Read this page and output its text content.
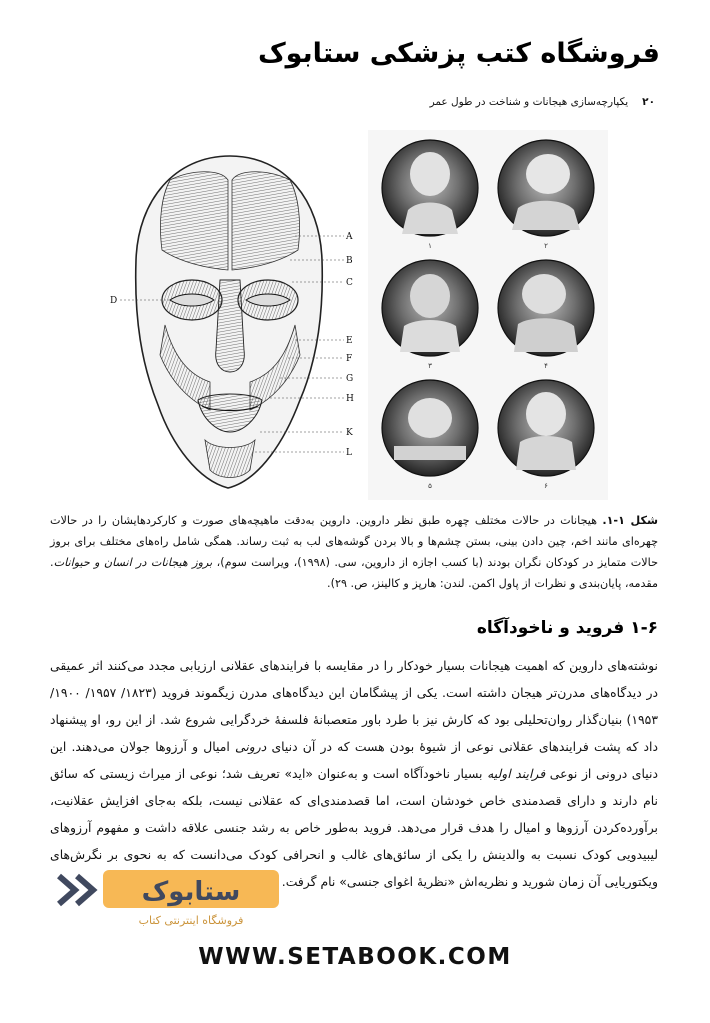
فروشگاه کتب پزشکی ستابوک
۲۰یکپارچه‌سازی هیجانات و شناخت در طول عمر
A
B
C
D
E
F
G
H
K
L
۱	۲
۳	۴
۵	۶
شکل ۱-۱. هیجانات در حالات مختلف چهره طبق نظر داروین. داروین به‌دقت ماهیچه‌های صورت و کارکردهایشان را در حالات چهره‌ای مانند اخم، چین دادن بینی، بستن چشم‌ها و بالا بردن گوشه‌های لب به ثبت رساند. همگی شامل راه‌های مختلف برای بروز حالات متمایز در کودکان نگران بودند (با کسب اجازه از داروین، سی. (۱۹۹۸)، ویراست سوم)، بروز هیجانات در انسان و حیوانات. مقدمه، پایان‌بندی و نظرات از پاول اکمن. لندن: هارپز و کالینز، ص. ۲۹).
۱-۶ فروید و ناخودآگاه
نوشته‌های داروین که اهمیت هیجانات بسیار خودکار را در مقایسه با فرایندهای عقلانی ارزیابی مجدد می‌کنند اثر عمیقی در دیدگاه‌های مدرن‌تر هیجان داشته است. یکی از پیشگامان این دیدگاه‌های مدرن زیگموند فروید (۱۸۲۳/ ۱۹۵۷/ ۱۹۰۰/ ۱۹۵۳) بنیان‌گذار روان‌تحلیلی بود که کارش نیز با طرد باور متعصبانهٔ فلسفهٔ خردگرایی شروع شد. از این رو، او پیشنهاد داد که پشت فرایندهای عقلانی نوعی از شیوهٔ بودن هست که در آن دنیای درونی امیال و آرزوها جولان می‌دهند. این دنیای درونی از نوعی فرایند اولیه بسیار ناخودآگاه است و به‌عنوان «اید» تعریف شد؛ نوعی از میراث زیستی که سائق نام دارند و دارای قصدمندی خاص خودشان است، اما قصدمندی‌ای که عقلانی نیست، بلکه به‌جای افزایش عقلانیت، برآورده‌کردن آرزوها و امیال را هدف قرار می‌دهد. فروید به‌طور خاص به رشد جنسی علاقه داشت و مفهوم آرزوهای لیبیدویی کودک نسبت به والدینش را یکی از سائق‌های غالب و انحرافی کودک می‌دانست که به نحوی بر نگرش‌های ویکتوریایی آن زمان شورید و نظریه‌اش «نظریهٔ اغوای جنسی» نام گرفت.
ستابوک
فروشگاه اینترنتی کتاب
WWW.SETABOOK.COM
